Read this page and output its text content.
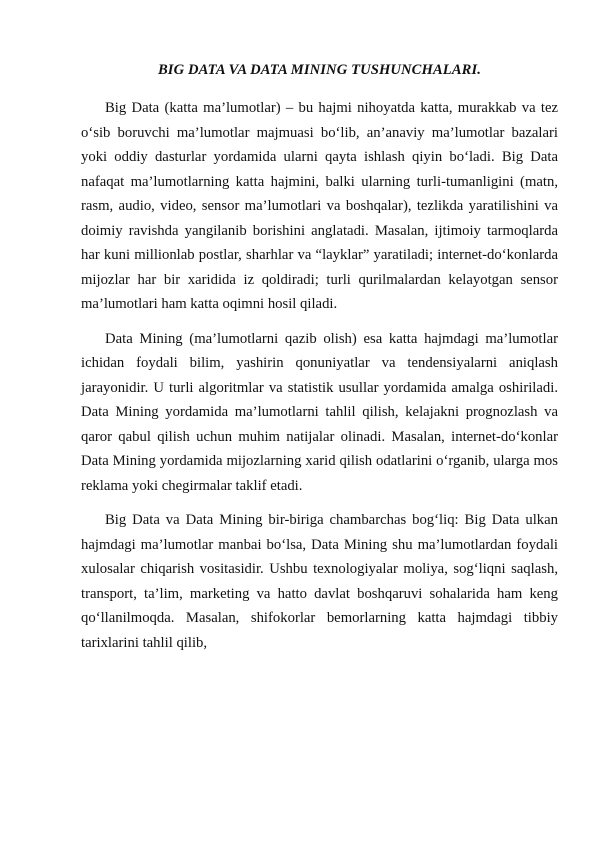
BIG DATA VA DATA MINING TUSHUNCHALARI.

Big Data (katta ma’lumotlar) – bu hajmi nihoyatda katta, murakkab va tez o‘sib boruvchi ma’lumotlar majmuasi bo‘lib, an’anaviy ma’lumotlar bazalari yoki oddiy dasturlar yordamida ularni qayta ishlash qiyin bo‘ladi. Big Data nafaqat ma’lumotlarning katta hajmini, balki ularning turli-tumanligini (matn, rasm, audio, video, sensor ma’lumotlari va boshqalar), tezlikda yaratilishini va doimiy ravishda yangilanib borishini anglatadi. Masalan, ijtimoiy tarmoqlarda har kuni millionlab postlar, sharhlar va “layklar” yaratiladi; internet-do‘konlarda mijozlar har bir xaridida iz qoldiradi; turli qurilmalardan kelayotgan sensor ma’lumotlari ham katta oqimni hosil qiladi.

Data Mining (ma’lumotlarni qazib olish) esa katta hajmdagi ma’lumotlar ichidan foydali bilim, yashirin qonuniyatlar va tendensiyalarni aniqlash jarayonidir. U turli algoritmlar va statistik usullar yordamida amalga oshiriladi. Data Mining yordamida ma’lumotlarni tahlil qilish, kelajakni prognozlash va qaror qabul qilish uchun muhim natijalar olinadi. Masalan, internet-do‘konlar Data Mining yordamida mijozlarning xarid qilish odatlarini o‘rganib, ularga mos reklama yoki chegirmalar taklif etadi.

Big Data va Data Mining bir-biriga chambarchas bog‘liq: Big Data ulkan hajmdagi ma’lumotlar manbai bo‘lsa, Data Mining shu ma’lumotlardan foydali xulosalar chiqarish vositasidir. Ushbu texnologiyalar moliya, sog‘liqni saqlash, transport, ta’lim, marketing va hatto davlat boshqaruvi sohalarida ham keng qo‘llanilmoqda. Masalan, shifokorlar bemorlarning katta hajmdagi tibbiy tarixlarini tahlil qilib,
